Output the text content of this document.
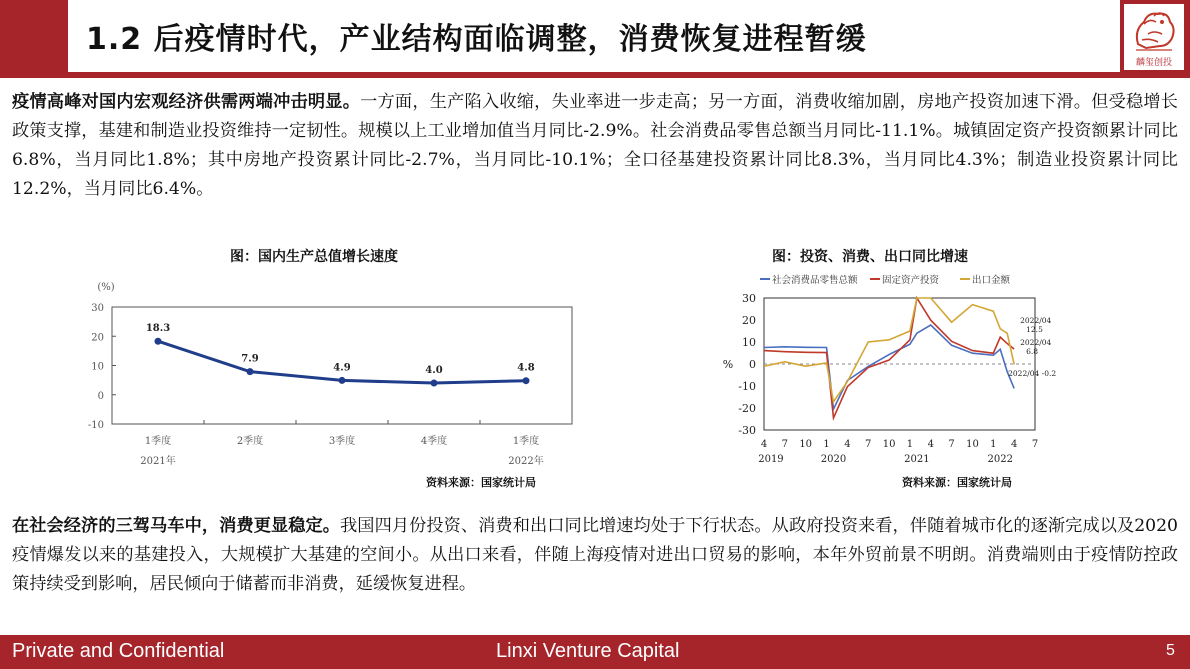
1.2 后疫情时代，产业结构面临调整，消费恢复进程暂缓
麟玺创投
疫情高峰对国内宏观经济供需两端冲击明显。一方面，生产陷入收缩，失业率进一步走高；另一方面，消费收缩加剧，房地产投资加速下滑。但受稳增长政策支撑，基建和制造业投资维持一定韧性。规模以上工业增加值当月同比-2.9%。社会消费品零售总额当月同比-11.1%。城镇固定资产投资额累计同比6.8%，当月同比1.8%；其中房地产投资累计同比-2.7%，当月同比-10.1%；全口径基建投资累计同比8.3%，当月同比4.3%；制造业投资累计同比12.2%，当月同比6.4%。
图：国内生产总值增长速度
(%)
-10
0
10
20
30
1季度	2季度	3季度	4季度	1季度
2021年	2022年
18.3
7.9
4.9	4.0	4.8
资料来源：国家统计局
图：投资、消费、出口同比增速
-30
-20
-10
0
10
20
30
%
4 7 10 1 4 7 10 1 4 7 10 1 4 7
2019	2020	2021	2022
社会消费品零售总额	固定资产投资	出口金额
2022/04
12.5
2022/04
6.8
2022/04 -0.2
资料来源：国家统计局
在社会经济的三驾马车中，消费更显稳定。我国四月份投资、消费和出口同比增速均处于下行状态。从政府投资来看，伴随着城市化的逐渐完成以及2020疫情爆发以来的基建投入，大规模扩大基建的空间小。从出口来看，伴随上海疫情对进出口贸易的影响，本年外贸前景不明朗。消费端则由于疫情防控政策持续受到影响，居民倾向于储蓄而非消费，延缓恢复进程。
Private and Confidential	Linxi Venture Capital	5
